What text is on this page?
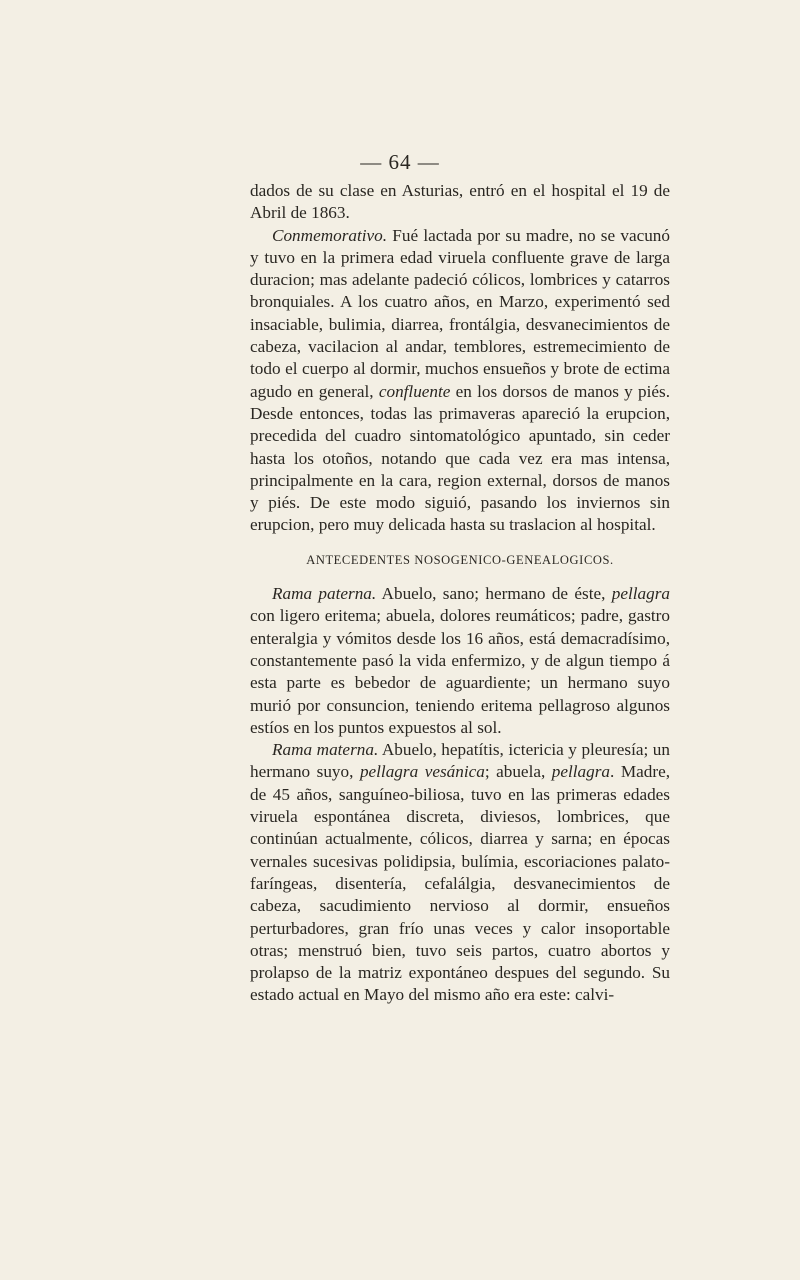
— 64 —

dados de su clase en Asturias, entró en el hospital el 19 de Abril de 1863.

Conmemorativo. Fué lactada por su madre, no se vacunó y tuvo en la primera edad viruela confluente grave de larga duracion; mas adelante padeció cólicos, lombrices y catarros bronquiales. A los cuatro años, en Marzo, experimentó sed insaciable, bulimia, diarrea, frontálgia, desvanecimientos de cabeza, vacilacion al andar, temblores, estremecimiento de todo el cuerpo al dormir, muchos ensueños y brote de ectima agudo en general, confluente en los dorsos de manos y piés. Desde entonces, todas las primaveras apareció la erupcion, precedida del cuadro sintomatológico apuntado, sin ceder hasta los otoños, notando que cada vez era mas intensa, principalmente en la cara, region external, dorsos de manos y piés. De este modo siguió, pasando los inviernos sin erupcion, pero muy delicada hasta su traslacion al hospital.

ANTECEDENTES NOSOGENICO-GENEALOGICOS.

Rama paterna. Abuelo, sano; hermano de éste, pellagra con ligero eritema; abuela, dolores reumáticos; padre, gastro enteralgia y vómitos desde los 16 años, está demacradísimo, constantemente pasó la vida enfermizo, y de algun tiempo á esta parte es bebedor de aguardiente; un hermano suyo murió por consuncion, teniendo eritema pellagroso algunos estíos en los puntos expuestos al sol.

Rama materna. Abuelo, hepatítis, ictericia y pleuresía; un hermano suyo, pellagra vesánica; abuela, pellagra. Madre, de 45 años, sanguíneo-biliosa, tuvo en las primeras edades viruela espontánea discreta, diviesos, lombrices, que continúan actualmente, cólicos, diarrea y sarna; en épocas vernales sucesivas polidipsia, bulímia, escoriaciones palato-faríngeas, disentería, cefalálgia, desvanecimientos de cabeza, sacudimiento nervioso al dormir, ensueños perturbadores, gran frío unas veces y calor insoportable otras; menstruó bien, tuvo seis partos, cuatro abortos y prolapso de la matriz expontáneo despues del segundo. Su estado actual en Mayo del mismo año era este: calvi-
